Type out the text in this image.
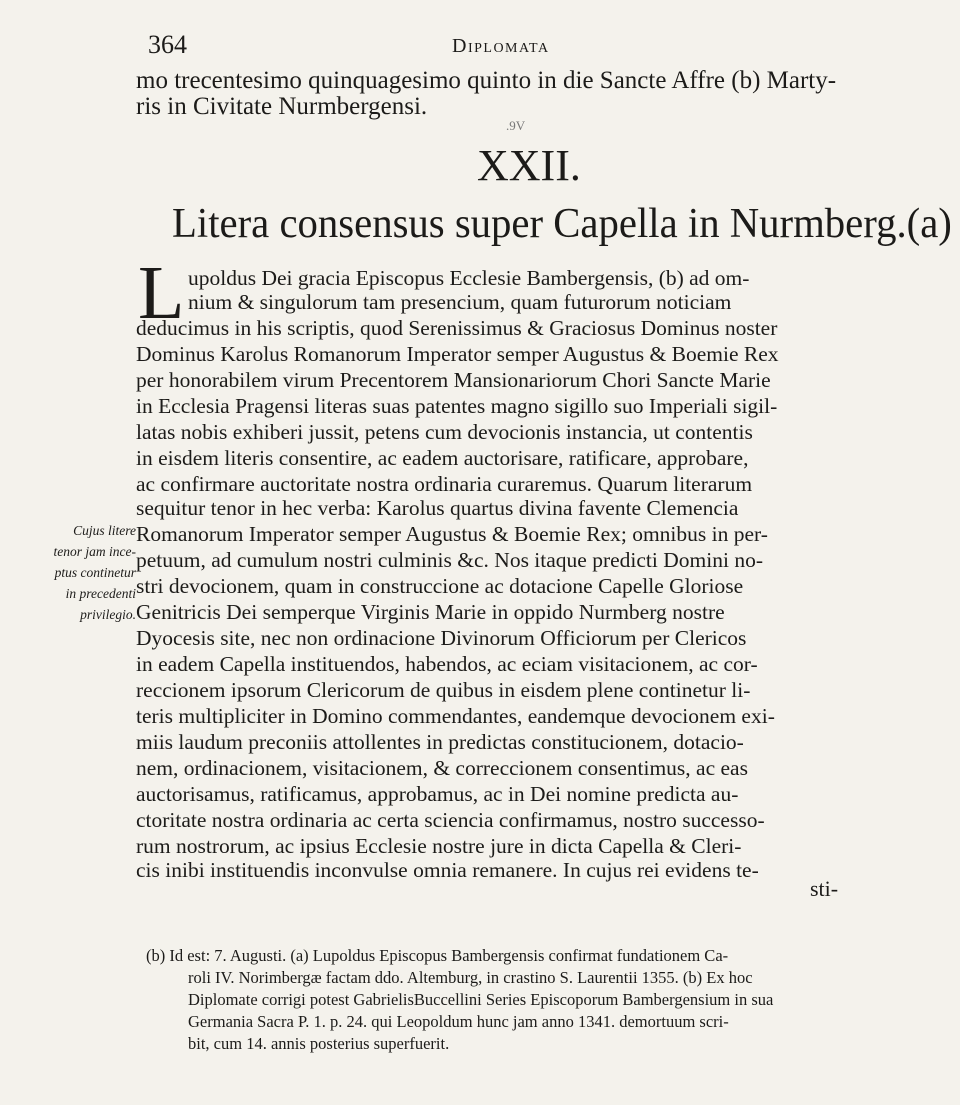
364	Diplomata
mo trecentesimo quinquagesimo quinto in die Sancte Affre (b) Marty-
ris in Civitate Nurmbergensi.
.9V
XXII.
Litera consensus super Capella in Nurmberg.(a)
L upoldus Dei gracia Episcopus Ecclesie Bambergensis, (b) ad om-
nium & singulorum tam presencium, quam futurorum noticiam
deducimus in his scriptis, quod Serenissimus & Graciosus Dominus noster
Dominus Karolus Romanorum Imperator semper Augustus & Boemie Rex
per honorabilem virum Precentorem Mansionariorum Chori Sancte Marie
in Ecclesia Pragensi literas suas patentes magno sigillo suo Imperiali sigil-
latas nobis exhiberi jussit, petens cum devocionis instancia, ut contentis
in eisdem literis consentire, ac eadem auctorisare, ratificare, approbare,
ac confirmare auctoritate nostra ordinaria curaremus. Quarum literarum
sequitur tenor in hec verba: Karolus quartus divina favente Clemencia
Romanorum Imperator semper Augustus & Boemie Rex; omnibus in per-
petuum, ad cumulum nostri culminis &c. Nos itaque predicti Domini no-
stri devocionem, quam in construccione ac dotacione Capelle Gloriose
Genitricis Dei semperque Virginis Marie in oppido Nurmberg nostre
Dyocesis site, nec non ordinacione Divinorum Officiorum per Clericos
in eadem Capella instituendos, habendos, ac eciam visitacionem, ac cor-
reccionem ipsorum Clericorum de quibus in eisdem plene continetur li-
teris multipliciter in Domino commendantes, eandemque devocionem exi-
miis laudum preconiis attollentes in predictas constitucionem, dotacio-
nem, ordinacionem, visitacionem, & correccionem consentimus, ac eas
auctorisamus, ratificamus, approbamus, ac in Dei nomine predicta au-
ctoritate nostra ordinaria ac certa sciencia confirmamus, nostro successo-
rum nostrorum, ac ipsius Ecclesie nostre jure in dicta Capella & Cleri-
cis inibi instituendis inconvulse omnia remanere. In cujus rei evidens te-
sti-
Cujus litere
tenor jam ince-
ptus continetur
in precedenti
privilegio.
(b) Id est: 7. Augusti. (a) Lupoldus Episcopus Bambergensis confirmat fundationem Ca-
roli IV. Norimbergæ factam ddo. Altemburg, in crastino S. Laurentii 1355. (b) Ex hoc
Diplomate corrigi potest GabrielisBuccellini Series Episcoporum Bambergensium in sua
Germania Sacra P. 1. p. 24. qui Leopoldum hunc jam anno 1341. demortuum scri-
bit, cum 14. annis posterius superfuerit.
